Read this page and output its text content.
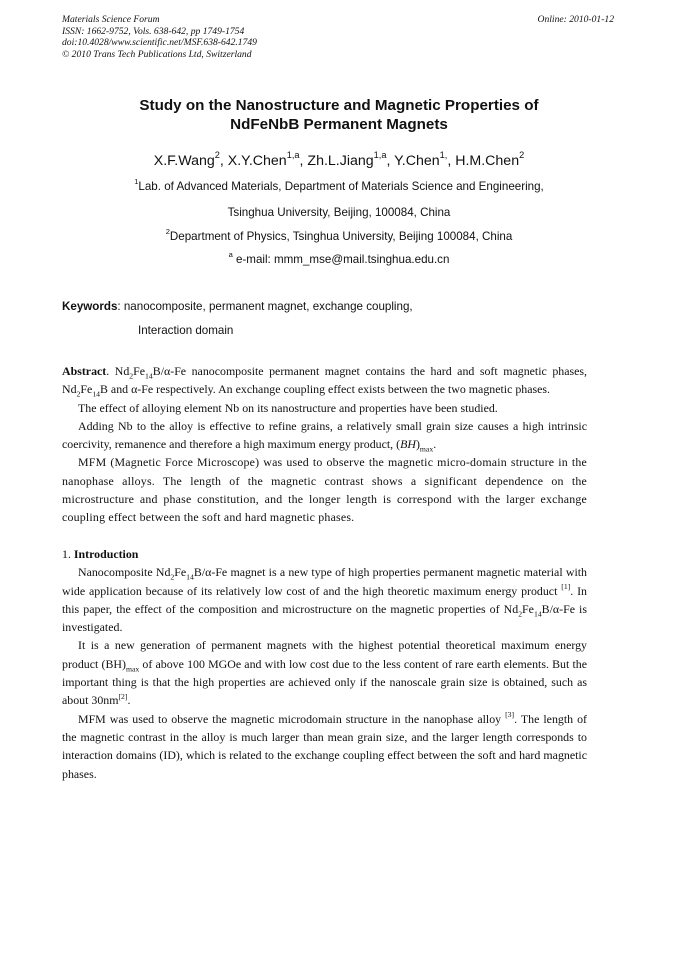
Materials Science Forum
ISSN: 1662-9752, Vols. 638-642, pp 1749-1754
doi:10.4028/www.scientific.net/MSF.638-642.1749
© 2010 Trans Tech Publications Ltd, Switzerland
Online: 2010-01-12
Study on the Nanostructure and Magnetic Properties of
NdFeNbB Permanent Magnets
X.F.Wang$^2$, X.Y.Chen$^{1,a}$, Zh.L.Jiang$^{1,a}$, Y.Chen$^{1,}$, H.M.Chen$^2$
$^1$Lab. of Advanced Materials, Department of Materials Science and Engineering,
Tsinghua University, Beijing, 100084, China
$^2$Department of Physics, Tsinghua University, Beijing 100084, China
$^a$ e-mail: mmm_mse@mail.tsinghua.edu.cn
Keywords: nanocomposite, permanent magnet, exchange coupling,
Interaction domain

Abstract. $Nd_2Fe_{14}B/\alpha-Fe$ nanocomposite permanent magnet contains the hard and soft magnetic phases, $Nd_2Fe_{14}B$ and α-Fe respectively. An exchange coupling effect exists between the two magnetic phases.

The effect of alloying element Nb on its nanostructure and properties have been studied.

Adding Nb to the alloy is effective to refine grains, a relatively small grain size causes a high intrinsic coercivity, remanence and therefore a high maximum energy product, $(BH)_{max}$.

MFM (Magnetic Force Microscope) was used to observe the magnetic micro-domain structure in the nanophase alloys. The length of the magnetic contrast shows a significant dependence on the microstructure and phase constitution, and the longer length is correspond with the larger exchange coupling effect between the soft and hard magnetic phases.

1. Introduction

Nanocomposite $Nd_2Fe_{14}B/\alpha-Fe$ magnet is a new type of high properties permanent magnetic material with wide application because of its relatively low cost of and the high theoretic maximum energy product [1]. In this paper, the effect of the composition and microstructure on the magnetic properties of $Nd_2Fe_{14}B/\alpha-Fe$ is investigated.

It is a new generation of permanent magnets with the highest potential theoretical maximum energy product $(BH)_{max}$ of above 100 MGOe and with low cost due to the less content of rare earth elements. But the important thing is that the high properties are achieved only if the nanoscale grain size is obtained, such as about 30nm[2].

MFM was used to observe the magnetic microdomain structure in the nanophase alloy [3]. The length of the magnetic contrast in the alloy is much larger than mean grain size, and the larger length corresponds to interaction domains (ID), which is related to the exchange coupling effect between the soft and hard magnetic phases.
